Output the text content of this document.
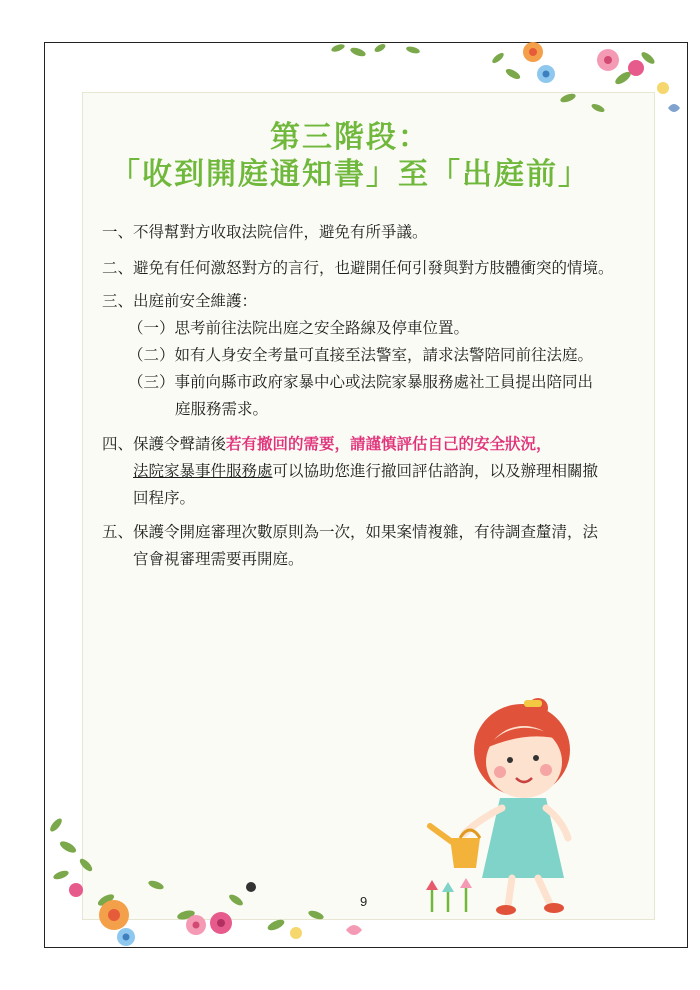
第三階段：
「收到開庭通知書」至「出庭前」
一、不得幫對方收取法院信件，避免有所爭議。
二、避免有任何激怒對方的言行，也避開任何引發與對方肢體衝突的情境。
三、出庭前安全維護：
（一）思考前往法院出庭之安全路線及停車位置。
（二）如有人身安全考量可直接至法警室，請求法警陪同前往法庭。
（三）事前向縣市政府家暴中心或法院家暴服務處社工員提出陪同出
庭服務需求。
四、保護令聲請後若有撤回的需要，請謹慎評估自己的安全狀況，
法院家暴事件服務處可以協助您進行撤回評估諮詢，以及辦理相關撤
回程序。
五、保護令開庭審理次數原則為一次，如果案情複雜，有待調查釐清，法
官會視審理需要再開庭。
9
